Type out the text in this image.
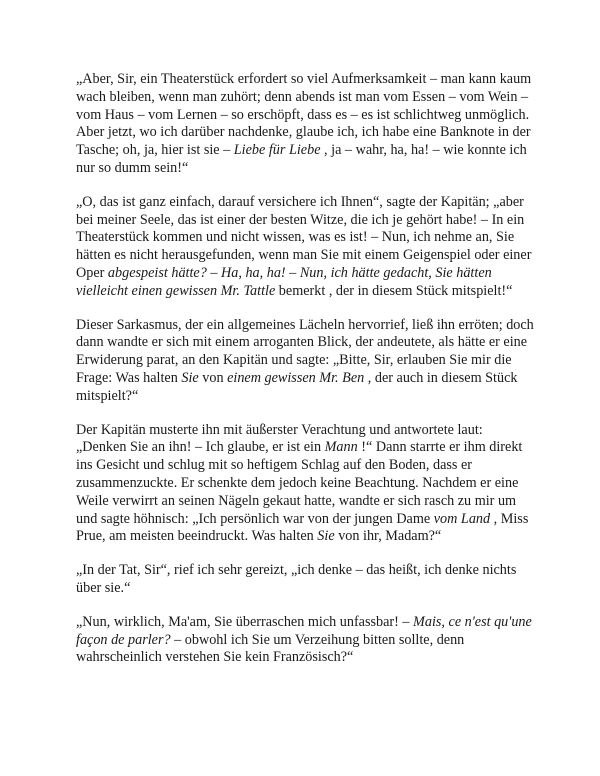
„Aber, Sir, ein Theaterstück erfordert so viel Aufmerksamkeit – man kann kaum wach bleiben, wenn man zuhört; denn abends ist man vom Essen – vom Wein – vom Haus – vom Lernen – so erschöpft, dass es – es ist schlichtweg unmöglich. Aber jetzt, wo ich darüber nachdenke, glaube ich, ich habe eine Banknote in der Tasche; oh, ja, hier ist sie – Liebe für Liebe , ja – wahr, ha, ha! – wie konnte ich nur so dumm sein!“

„O, das ist ganz einfach, darauf versichere ich Ihnen“, sagte der Kapitän; „aber bei meiner Seele, das ist einer der besten Witze, die ich je gehört habe! – In ein Theaterstück kommen und nicht wissen, was es ist! – Nun, ich nehme an, Sie hätten es nicht herausgefunden, wenn man Sie mit einem Geigenspiel oder einer Oper abgespeist hätte? – Ha, ha, ha! – Nun, ich hätte gedacht, Sie hätten vielleicht einen gewissen Mr. Tattle bemerkt , der in diesem Stück mitspielt!“

Dieser Sarkasmus, der ein allgemeines Lächeln hervorrief, ließ ihn erröten; doch dann wandte er sich mit einem arroganten Blick, der andeutete, als hätte er eine Erwiderung parat, an den Kapitän und sagte: „Bitte, Sir, erlauben Sie mir die Frage: Was halten Sie von einem gewissen Mr. Ben , der auch in diesem Stück mitspielt?“

Der Kapitän musterte ihn mit äußerster Verachtung und antwortete laut: „Denken Sie an ihn! – Ich glaube, er ist ein Mann !“ Dann starrte er ihm direkt ins Gesicht und schlug mit so heftigem Schlag auf den Boden, dass er zusammenzuckte. Er schenkte dem jedoch keine Beachtung. Nachdem er eine Weile verwirrt an seinen Nägeln gekaut hatte, wandte er sich rasch zu mir um und sagte höhnisch: „Ich persönlich war von der jungen Dame vom Land , Miss Prue, am meisten beeindruckt. Was halten Sie von ihr, Madam?“

„In der Tat, Sir“, rief ich sehr gereizt, „ich denke – das heißt, ich denke nichts über sie.“

„Nun, wirklich, Ma'am, Sie überraschen mich unfassbar! – Mais, ce n'est qu'une façon de parler? – obwohl ich Sie um Verzeihung bitten sollte, denn wahrscheinlich verstehen Sie kein Französisch?“
